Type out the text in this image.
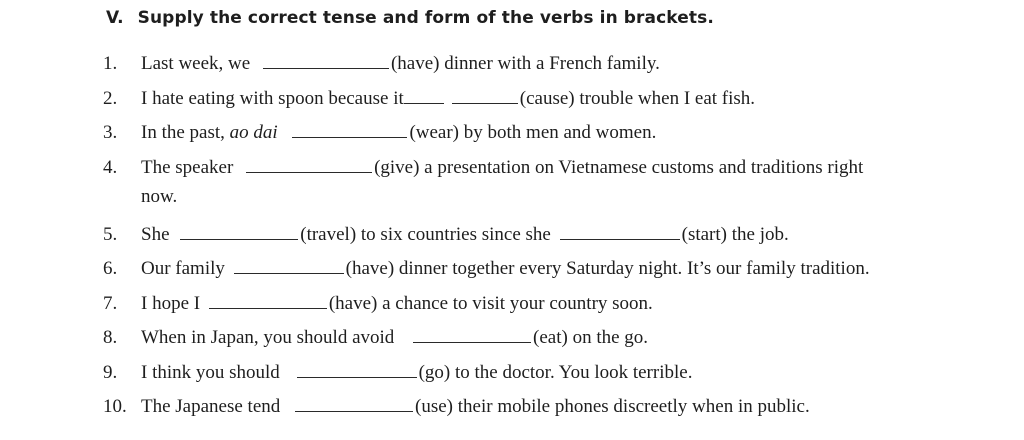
V. Supply the correct tense and form of the verbs in brackets.
1. Last week, we	(have) dinner with a French family.
2. I hate eating with spoon because it	(cause) trouble when I eat fish.
3. In the past, ao dai	(wear) by both men and women.
4. The speaker	(give) a presentation on Vietnamese customs and traditions right
now.
5. She	(travel) to six countries since she	(start) the job.
6. Our family	(have) dinner together every Saturday night. It’s our family tradition.
7. I hope I	(have) a chance to visit your country soon.
8. When in Japan, you should avoid	(eat) on the go.
9. I think you should	(go) to the doctor. You look terrible.
10. The Japanese tend	(use) their mobile phones discreetly when in public.
